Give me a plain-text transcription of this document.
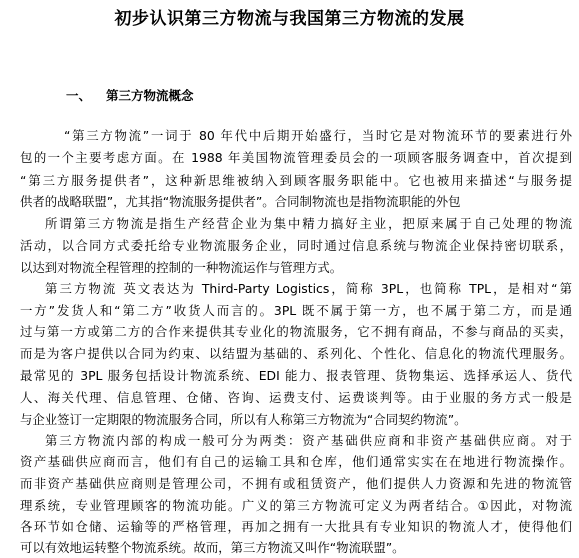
初步认识第三方物流与我国第三方物流的发展
一、 第三方物流概念
“第三方物流”一词于 80 年代中后期开始盛行，当时它是对物流环节的要素进行外
包的一个主要考虑方面。在 1988 年美国物流管理委员会的一项顾客服务调查中，首次提到
“第三方服务提供者”，这种新思维被纳入到顾客服务职能中。它也被用来描述“与服务提
供者的战略联盟”，尤其指“物流服务提供者”。合同制物流也是指物流职能的外包
所谓第三方物流是指生产经营企业为集中精力搞好主业，把原来属于自己处理的物流
活动，以合同方式委托给专业物流服务企业，同时通过信息系统与物流企业保持密切联系，
以达到对物流全程管理的控制的一种物流运作与管理方式。
第三方物流 英文表达为 Third-Party Logistics，简称 3PL，也简称 TPL，是相对“第
一方”发货人和“第二方”收货人而言的。3PL 既不属于第一方，也不属于第二方，而是通
过与第一方或第二方的合作来提供其专业化的物流服务，它不拥有商品，不参与商品的买卖，
而是为客户提供以合同为约束、以结盟为基础的、系列化、个性化、信息化的物流代理服务。
最常见的 3PL 服务包括设计物流系统、EDI 能力、报表管理、货物集运、选择承运人、货代
人、海关代理、信息管理、仓储、咨询、运费支付、运费谈判等。由于业服的务方式一般是
与企业签订一定期限的物流服务合同，所以有人称第三方物流为“合同契约物流”。
第三方物流内部的构成一般可分为两类：资产基础供应商和非资产基础供应商。对于
资产基础供应商而言，他们有自己的运输工具和仓库，他们通常实实在在地进行物流操作。
而非资产基础供应商则是管理公司，不拥有或租赁资产，他们提供人力资源和先进的物流管
理系统，专业管理顾客的物流功能。广义的第三方物流可定义为两者结合。①因此，对物流
各环节如仓储、运输等的严格管理，再加之拥有一大批具有专业知识的物流人才，使得他们
可以有效地运转整个物流系统。故而，第三方物流又叫作“物流联盟”。
